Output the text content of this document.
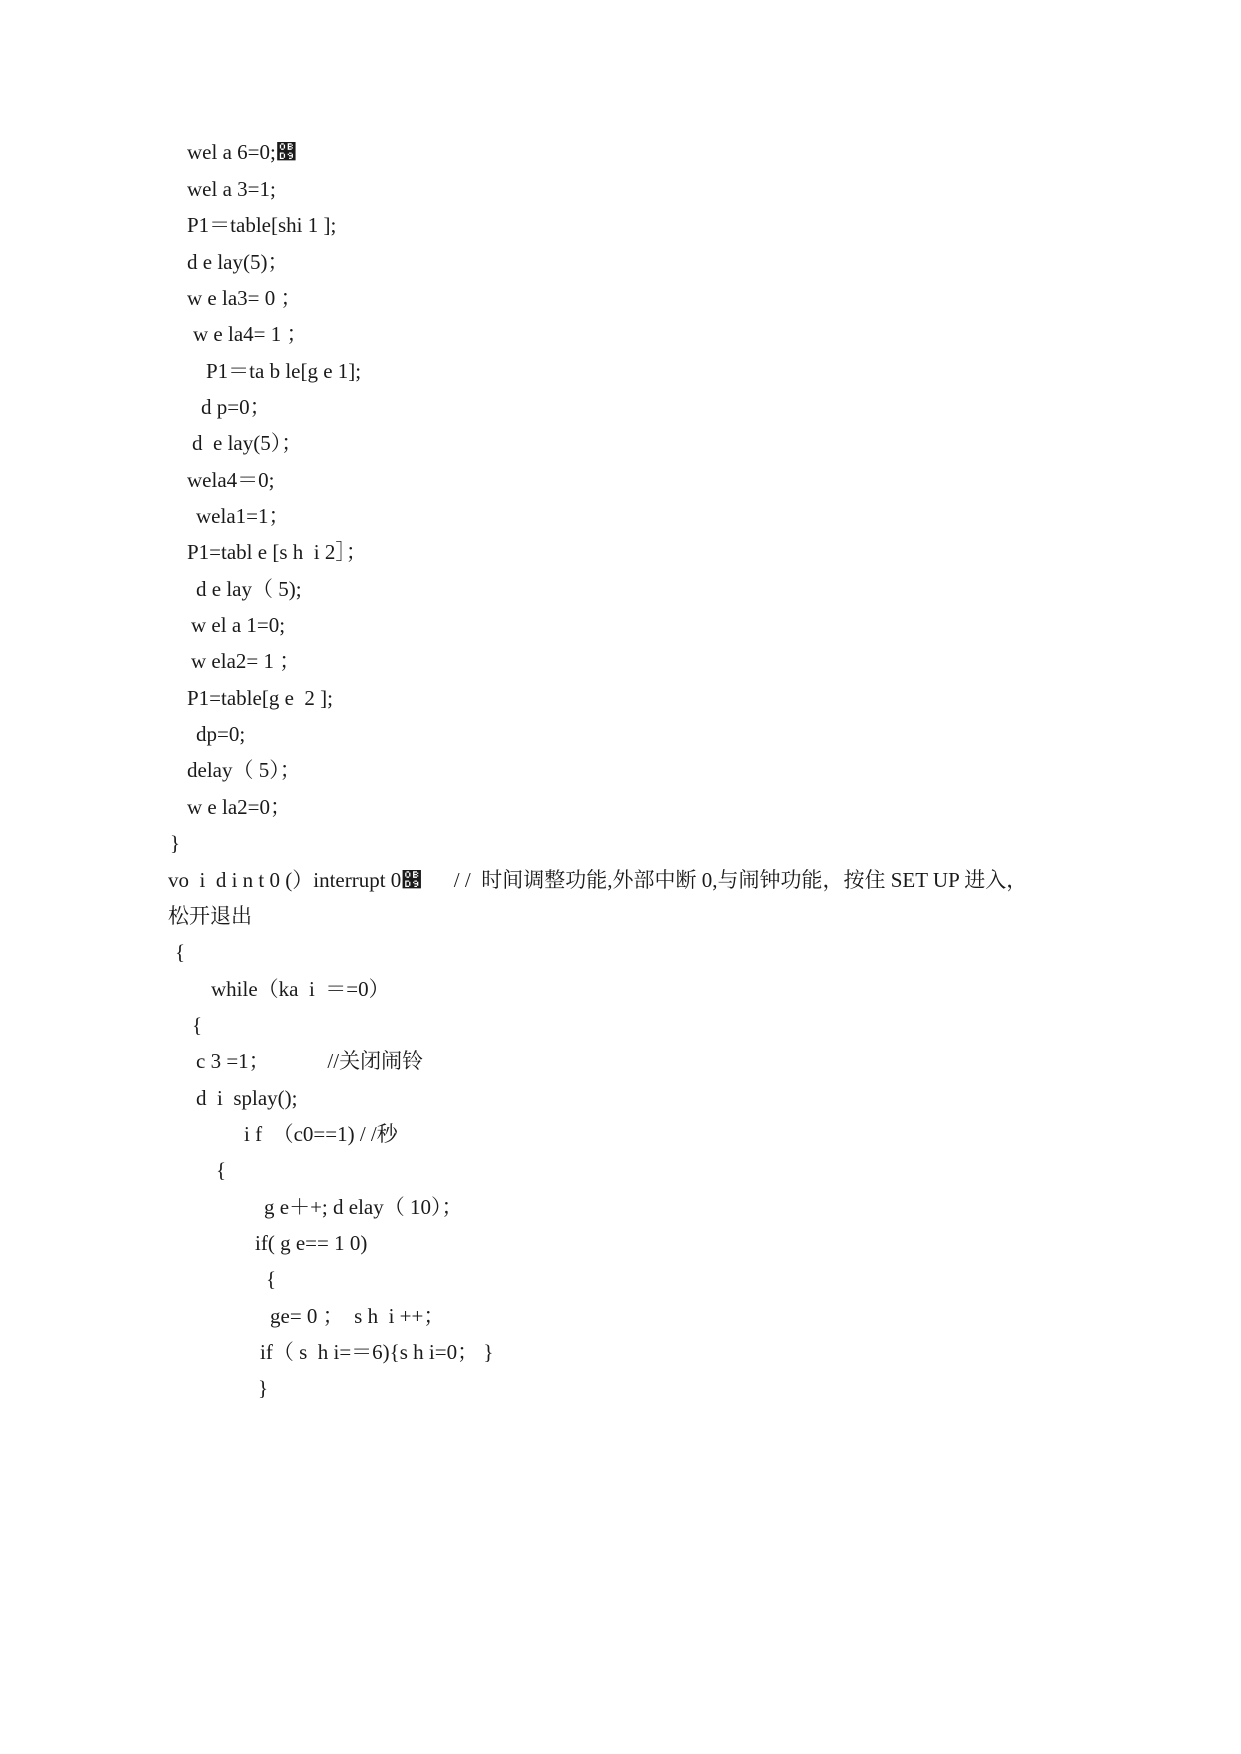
wel a 6=0;௙
wel a 3=1;
P1＝table[shi 1 ];
d e lay(5)；
w e la3= 0 ；
w e la4= 1 ；
P1＝ta b le[g e 1];
d p=0；
d  e lay(5）；
wela4＝0;
wela1=1；
P1=tabl e [s h  i 2］；
d e lay（ 5);
w el a 1=0;
w ela2= 1 ；
P1=table[g e  2 ];
dp=0;
delay（ 5）；
w e la2=0；
}
vo  i  d i n t 0 (）interrupt 0௙      / /  时间调整功能,外部中断 0,与闹钟功能，按住 SET UP 进入，
松开退出
{
while（ka  i  ＝=0）
{
c 3 =1；           //关闭闹铃
d  i  splay();
i f  （c0==1) / /秒
{
g e＋+; d elay（ 10）；
if( g e== 1 0)
{
ge= 0 ；  s h  i ++；
if（ s  h i=＝6){s h i=0； }
}
